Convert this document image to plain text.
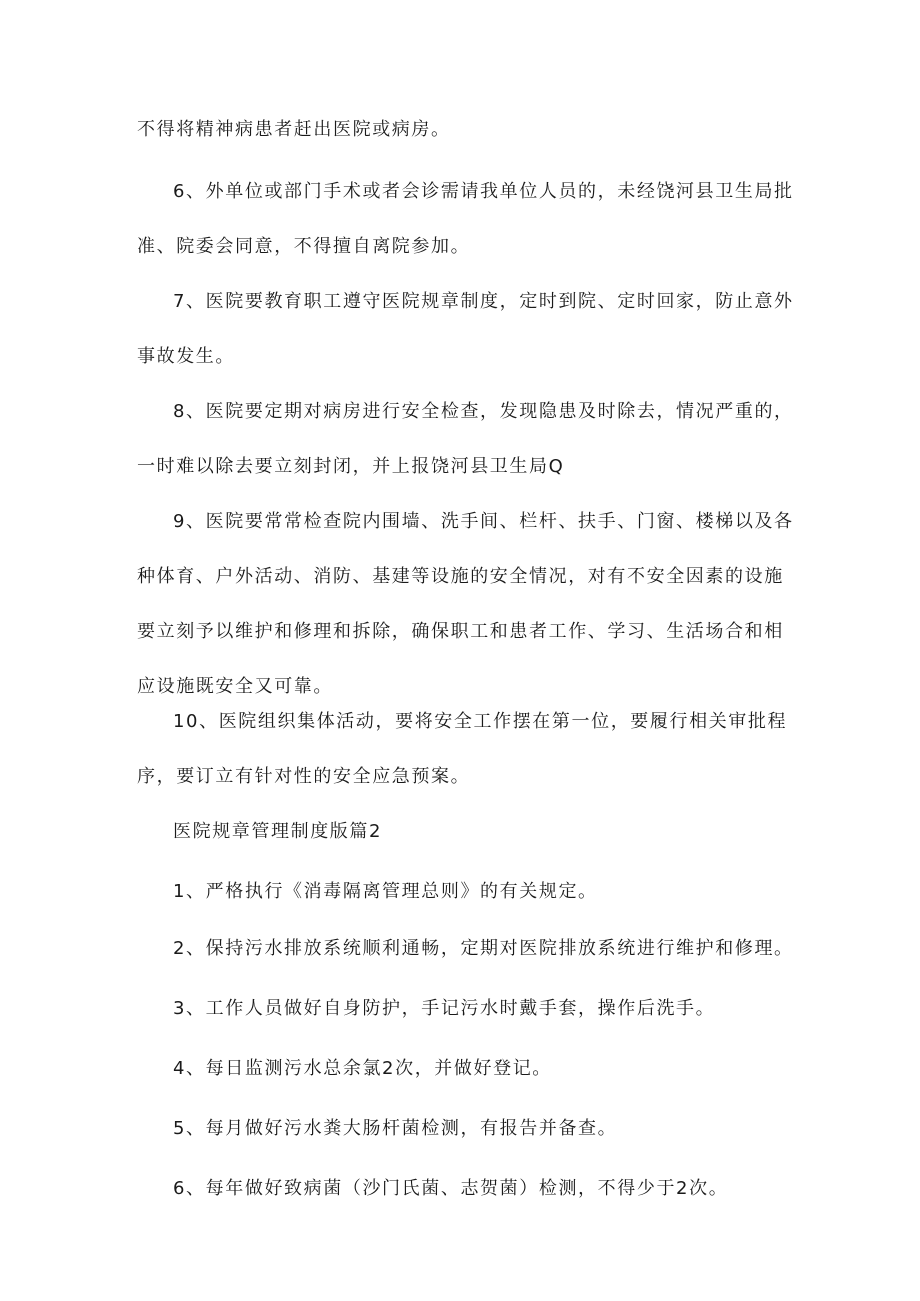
不得将精神病患者赶出医院或病房。

6、外单位或部门手术或者会诊需请我单位人员的，未经饶河县卫生局批准、院委会同意，不得擅自离院参加。

7、医院要教育职工遵守医院规章制度，定时到院、定时回家，防止意外事故发生。

8、医院要定期对病房进行安全检查，发现隐患及时除去，情况严重的，一时难以除去要立刻封闭，并上报饶河县卫生局Q

9、医院要常常检查院内围墙、洗手间、栏杆、扶手、门窗、楼梯以及各种体育、户外活动、消防、基建等设施的安全情况，对有不安全因素的设施要立刻予以维护和修理和拆除，确保职工和患者工作、学习、生活场合和相应设施既安全又可靠。

10、医院组织集体活动，要将安全工作摆在第一位，要履行相关审批程序，要订立有针对性的安全应急预案。

医院规章管理制度版篇2

1、严格执行《消毒隔离管理总则》的有关规定。

2、保持污水排放系统顺利通畅，定期对医院排放系统进行维护和修理。

3、工作人员做好自身防护，手记污水时戴手套，操作后洗手。

4、每日监测污水总余氯2次，并做好登记。

5、每月做好污水粪大肠杆菌检测，有报告并备查。

6、每年做好致病菌（沙门氏菌、志贺菌）检测，不得少于2次。
